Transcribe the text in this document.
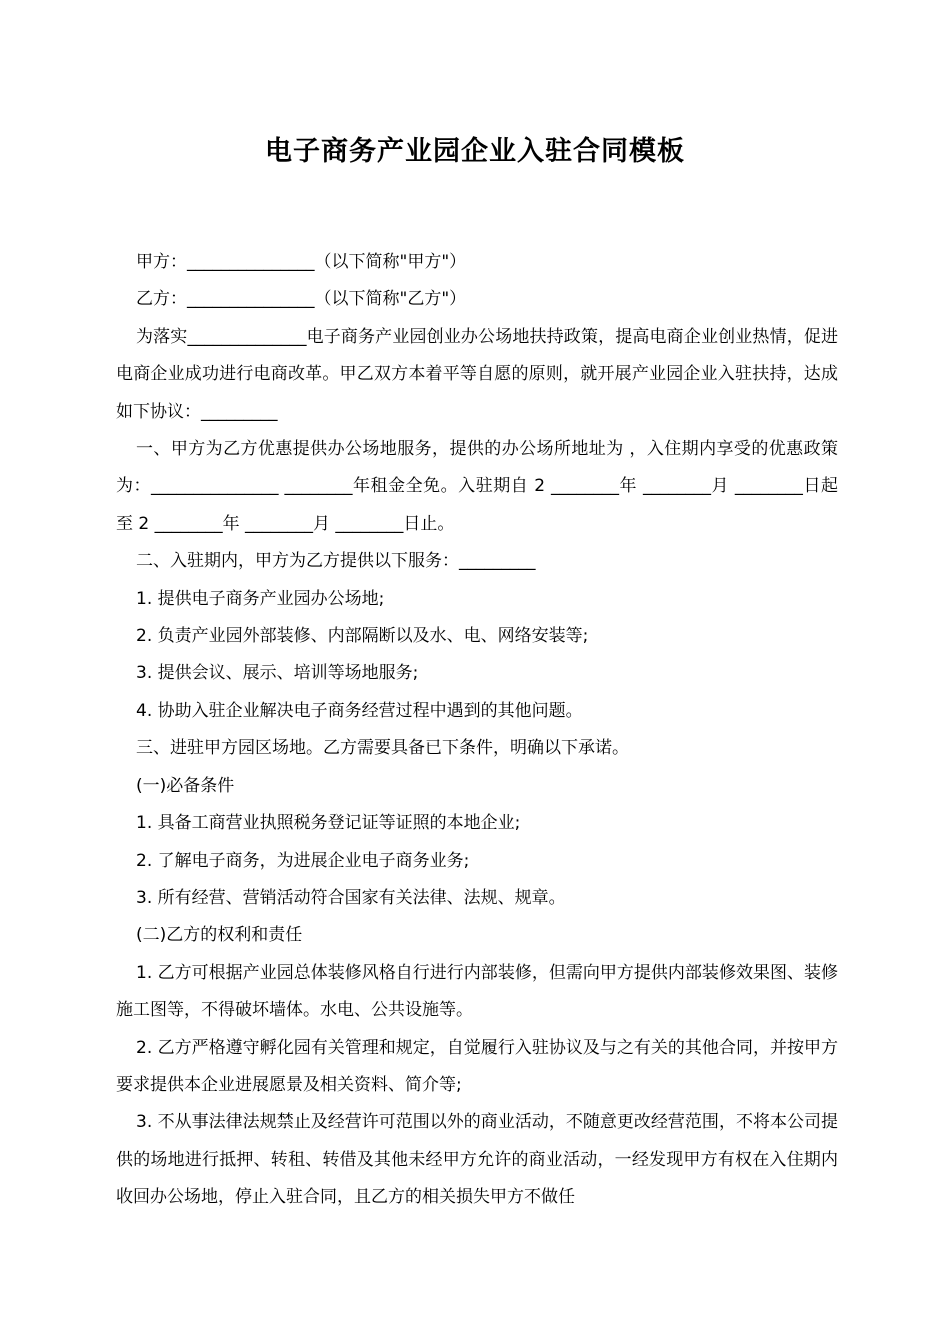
电子商务产业园企业入驻合同模板

甲方：_______________（以下简称"甲方"）

乙方：_______________（以下简称"乙方"）

为落实______________电子商务产业园创业办公场地扶持政策，提高电商企业创业热情，促进电商企业成功进行电商改革。甲乙双方本着平等自愿的原则，就开展产业园企业入驻扶持，达成如下协议：_________

一、甲方为乙方优惠提供办公场地服务，提供的办公场所地址为 ，入住期内享受的优惠政策为：_______________ ________年租金全免。入驻期自 2 ________年 ________月 ________日起至 2 ________年 ________月 ________日止。

二、入驻期内，甲方为乙方提供以下服务：_________

1. 提供电子商务产业园办公场地;

2. 负责产业园外部装修、内部隔断以及水、电、网络安装等;

3. 提供会议、展示、培训等场地服务;

4. 协助入驻企业解决电子商务经营过程中遇到的其他问题。

三、进驻甲方园区场地。乙方需要具备已下条件，明确以下承诺。

(一)必备条件

1. 具备工商营业执照税务登记证等证照的本地企业;

2. 了解电子商务，为进展企业电子商务业务;

3. 所有经营、营销活动符合国家有关法律、法规、规章。

(二)乙方的权利和责任

1. 乙方可根据产业园总体装修风格自行进行内部装修，但需向甲方提供内部装修效果图、装修施工图等，不得破坏墙体。水电、公共设施等。

2. 乙方严格遵守孵化园有关管理和规定，自觉履行入驻协议及与之有关的其他合同，并按甲方要求提供本企业进展愿景及相关资料、简介等;

3. 不从事法律法规禁止及经营许可范围以外的商业活动，不随意更改经营范围，不将本公司提供的场地进行抵押、转租、转借及其他未经甲方允许的商业活动，一经发现甲方有权在入住期内收回办公场地，停止入驻合同，且乙方的相关损失甲方不做任
